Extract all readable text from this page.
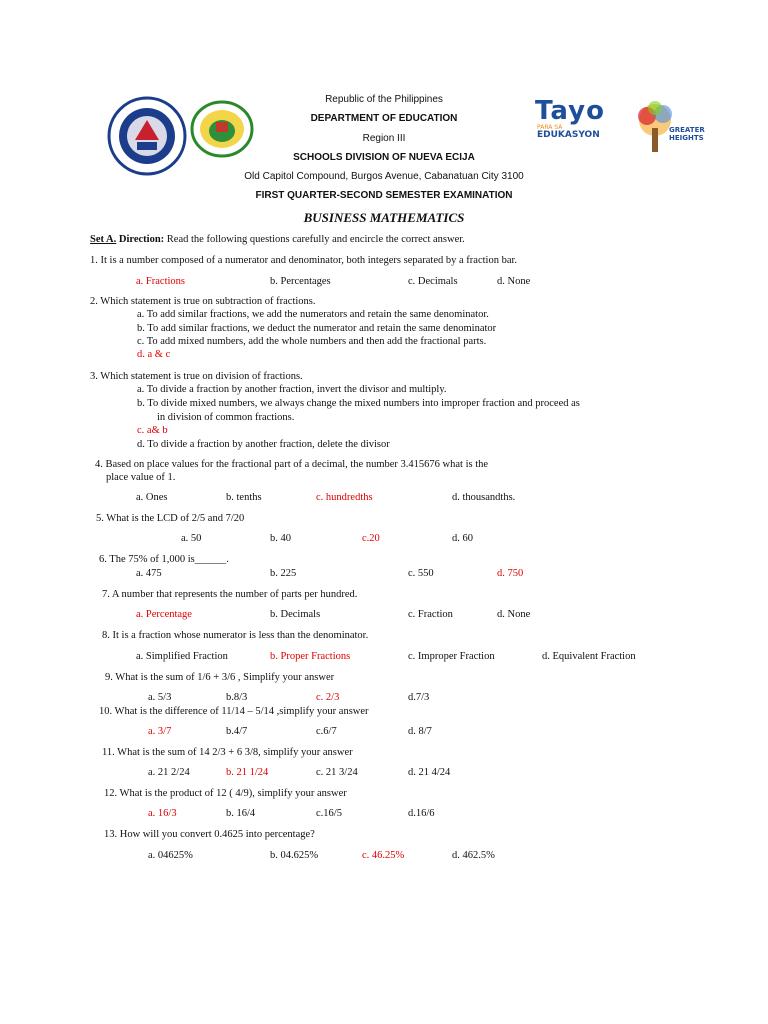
Tayo
PARA SA
EDUKASYON	GREATER HEIGHTS
Republic of the Philippines
DEPARTMENT OF EDUCATION
Region III
SCHOOLS DIVISION OF NUEVA ECIJA
Old Capitol Compound, Burgos Avenue, Cabanatuan City 3100
FIRST QUARTER-SECOND SEMESTER EXAMINATION
BUSINESS MATHEMATICS
Set A. Direction: Read the following questions carefully and encircle the correct answer.
1. It is a number composed of a numerator and denominator, both integers separated by a fraction bar.
a. Fractions	b. Percentages	c. Decimals	d. None
2. Which statement is true on subtraction of fractions.
a. To add similar fractions, we add the numerators and retain the same denominator.
b. To add similar fractions, we deduct the numerator and retain the same denominator
c. To add mixed numbers, add the whole numbers and then add the fractional parts.
d. a & c
3. Which statement is true on division of fractions.
a. To divide a fraction by another fraction, invert the divisor and multiply.
b. To divide mixed numbers, we always change the mixed numbers into improper fraction and proceed as
in division of common fractions.
c. a& b
d. To divide a fraction by another fraction, delete the divisor
4. Based on place values for the fractional part of a decimal, the number 3.415676 what is the
place value of 1.
a. Ones	b. tenths	c. hundredths	d. thousandths.
5. What is the LCD of 2/5 and 7/20
a. 50	b. 40	c.20	d. 60
6. The 75% of 1,000 is______.
a. 475	b. 225	c. 550	d. 750
7. A number that represents the number of parts per hundred.
a. Percentage	b. Decimals	c. Fraction	d. None
8. It is a fraction whose numerator is less than the denominator.
a. Simplified Fraction	b. Proper Fractions	c. Improper Fraction	d. Equivalent Fraction
9. What is the sum of 1/6 + 3/6 , Simplify your answer
a. 5/3	b.8/3	c. 2/3	d.7/3
10. What is the difference of 11/14 – 5/14 ,simplify your answer
a. 3/7	b.4/7	c.6/7	d. 8/7
11. What is the sum of 14 2/3 + 6 3/8, simplify your answer
a. 21 2/24	b. 21 1/24	c. 21 3/24	d. 21 4/24
12. What is the product of 12 ( 4/9), simplify your answer
a. 16/3	b. 16/4	c.16/5	d.16/6
13. How will you convert 0.4625 into percentage?
a. 04625%	b. 04.625%	c. 46.25%	d. 462.5%
